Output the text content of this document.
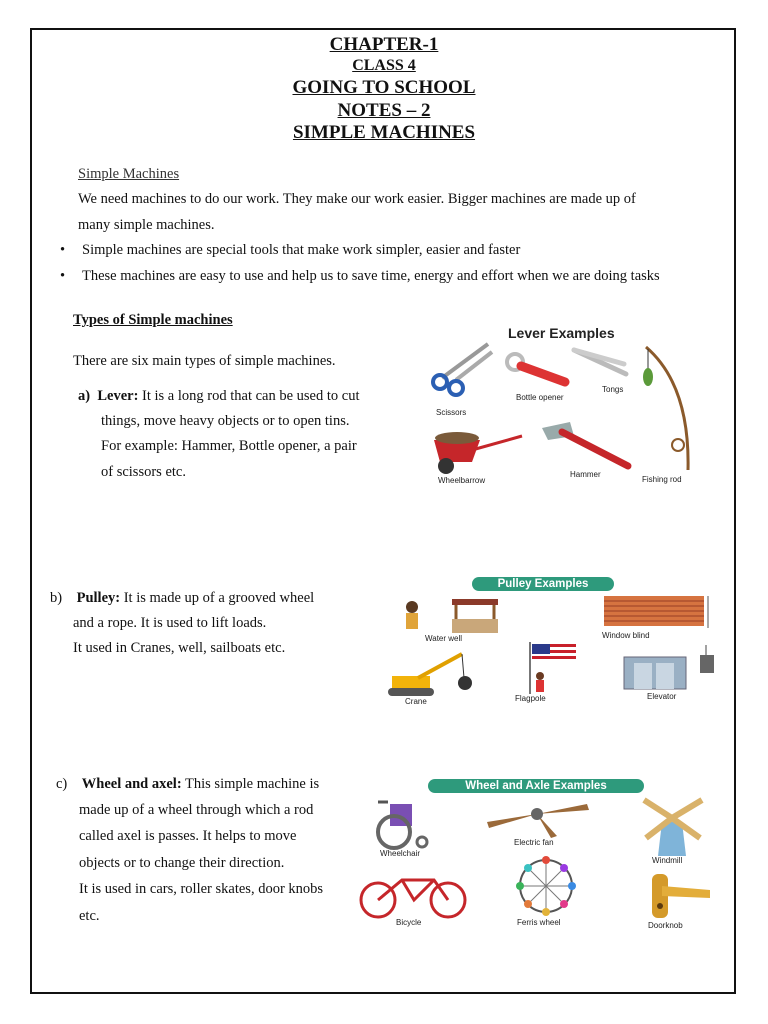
CHAPTER-1
CLASS 4
GOING TO SCHOOL
NOTES – 2
SIMPLE MACHINES
Simple Machines
We need machines to do our work. They make our work easier. Bigger machines are made up of
many simple machines.
• Simple machines are special tools that make work simpler, easier and faster
• These machines are easy to use and help us to save time, energy and effort when we are doing tasks
Types of Simple machines
There are six main types of simple machines.
a) Lever: It is a long rod that can be used to cut
things, move heavy objects or to open tins.
For example: Hammer, Bottle opener, a pair
of scissors etc.
Lever Examples
Scissors
Bottle opener
Tongs
Wheelbarrow
Hammer
Fishing rod
b) Pulley: It is made up of a grooved wheel
and a rope. It is used to lift loads.
It used in Cranes, well, sailboats etc.
Pulley Examples
Water well	Window blind
Crane	Flagpole	Elevator
c) Wheel and axel: This simple machine is
made up of a wheel through which a rod
called axel is passes. It helps to move
objects or to change their direction.
It is used in cars, roller skates, door knobs
etc.
Wheel and Axle Examples
Wheelchair
Electric fan
Windmill
Bicycle	Ferris wheel	Doorknob
